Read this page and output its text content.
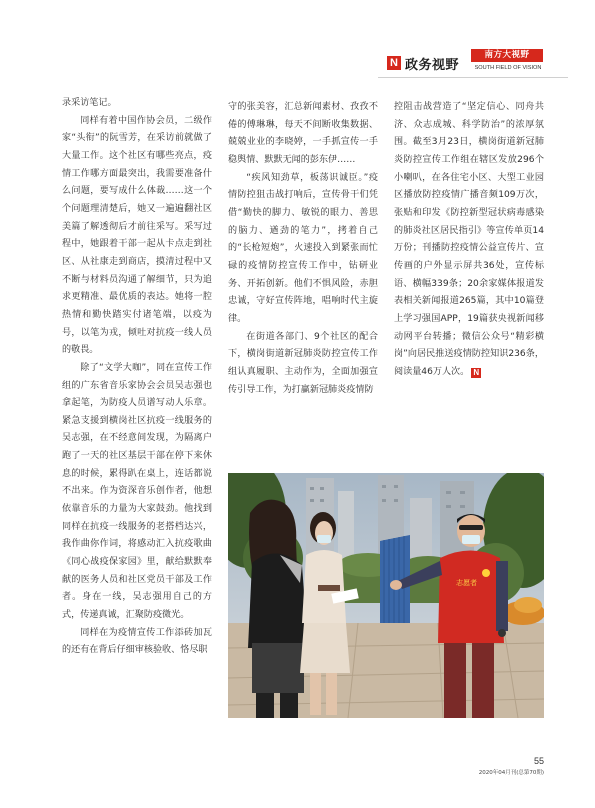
N 政务视野
南方大视野
SOUTH FIELD OF VISION

录采访笔记。

同样有着中国作协会员，二级作家“头衔”的阮雪芳，在采访前就做了大量工作。这个社区有哪些亮点，疫情工作哪方面最突出，我需要准备什么问题，要写成什么体裁……这一个个问题理清楚后，她又一遍遍翻社区美篇了解透彻后才前往采写。采写过程中，她跟着干部一起从卡点走到社区、从社康走到商店，摸清过程中又不断与材料员沟通了解细节，只为追求更精准、最优质的表达。她将一腔热情和勤快踏实付诸笔端，以疫为号，以笔为戎，倾吐对抗疫一线人员的敬畏。

除了“文学大咖”，同在宣传工作组的广东省音乐家协会会员吴志强也拿起笔，为防疫人员谱写动人乐章。紧急支援到横岗社区抗疫一线服务的吴志强，在不经意间发现，为隔离户跑了一天的社区基层干部在停下来休息的时候，累得趴在桌上，连话都说不出来。作为资深音乐创作者，他想依靠音乐的力量为大家鼓劲。他找到同样在抗疫一线服务的老搭档达兴，我作曲你作词，将感动汇入抗疫歌曲《同心战疫保家园》里，献给默默奉献的医务人员和社区党员干部及工作者。身在一线，吴志强用自己的方式，传递真诚，汇聚防疫微光。

同样在为疫情宣传工作添砖加瓦的还有在背后仔细审核验收、恪尽职

守的张美容，汇总新闻素材、孜孜不倦的傅琳琳，每天不间断收集数据、兢兢业业的李晓婷，一手抓宣传一手稳舆情、默默无闻的彭东伊……

“疾风知劲草，板荡识诚臣。”疫情防控狙击战打响后，宣传骨干们凭借“勤快的脚力、敏锐的眼力、善思的脑力、遒劲的笔力”，拷着自己的“长枪短炮”，火速投入到紧张而忙碌的疫情防控宣传工作中，钻研业务、开拓创新。他们不惧风险，赤胆忠诚，守好宣传阵地，唱响时代主旋律。

在街道各部门、9个社区的配合下，横岗街道新冠肺炎防控宣传工作组认真履职、主动作为，全面加强宣传引导工作，为打赢新冠肺炎疫情防

控阻击战营造了“坚定信心、同舟共济、众志成城、科学防治”的浓厚氛围。截至3月23日，横岗街道新冠肺炎防控宣传工作组在辖区发放296个小喇叭，在各住宅小区、大型工业园区播放防控疫情广播音频109万次，张贴和印发《防控新型冠状病毒感染的肺炎社区居民指引》等宣传单页14万份；刊播防控疫情公益宣传片、宣传画的户外显示屏共36处，宣传标语、横幅339条；20余家媒体报道发表相关新闻报道265篇，其中10篇登上学习强国APP，19篇获央视新闻移动网平台转播；微信公众号“精彩横岗”向居民推送疫情防控知识236条，阅读量46万人次。 N

志愿者
55
2020年04月刊(总第70期)
